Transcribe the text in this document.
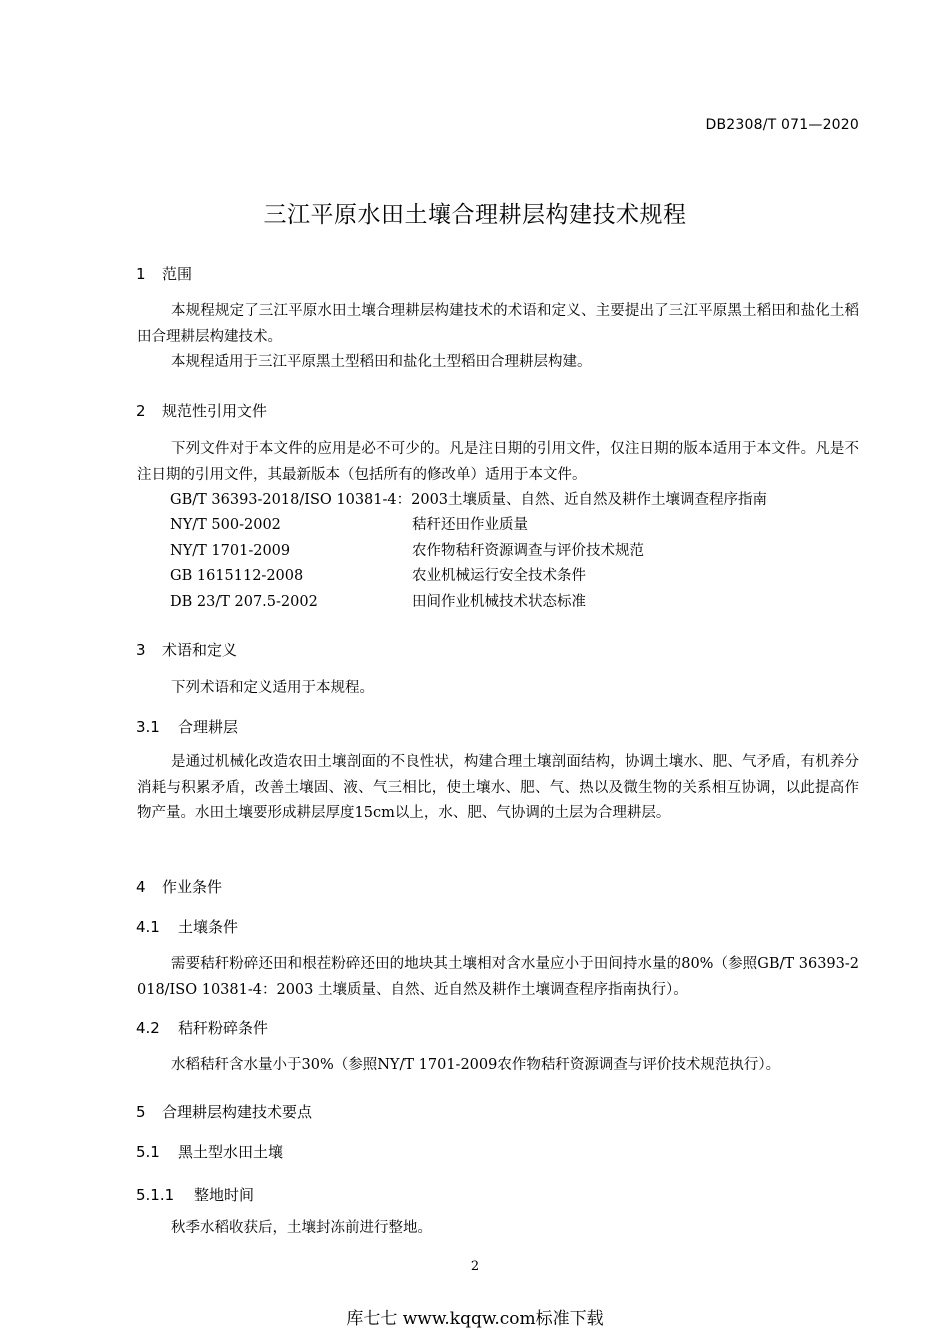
DB2308/T 071—2020
三江平原水田土壤合理耕层构建技术规程
1 范围
本规程规定了三江平原水田土壤合理耕层构建技术的术语和定义、主要提出了三江平原黑土稻田和盐化土稻田合理耕层构建技术。
本规程适用于三江平原黑土型稻田和盐化土型稻田合理耕层构建。
2 规范性引用文件
下列文件对于本文件的应用是必不可少的。凡是注日期的引用文件，仅注日期的版本适用于本文件。凡是不注日期的引用文件，其最新版本（包括所有的修改单）适用于本文件。
GB/T 36393-2018/ISO 10381-4：2003土壤质量、自然、近自然及耕作土壤调查程序指南
NY/T 500-2002	秸秆还田作业质量
NY/T 1701-2009	农作物秸秆资源调查与评价技术规范
GB 1615112-2008	农业机械运行安全技术条件
DB 23/T 207.5-2002	田间作业机械技术状态标准
3 术语和定义
下列术语和定义适用于本规程。
3.1 合理耕层
是通过机械化改造农田土壤剖面的不良性状，构建合理土壤剖面结构，协调土壤水、肥、气矛盾，有机养分消耗与积累矛盾，改善土壤固、液、气三相比，使土壤水、肥、气、热以及微生物的关系相互协调，以此提高作物产量。水田土壤要形成耕层厚度15cm以上，水、肥、气协调的土层为合理耕层。
4 作业条件
4.1 土壤条件
需要秸秆粉碎还田和根茬粉碎还田的地块其土壤相对含水量应小于田间持水量的80%（参照GB/T 36393-2018/ISO 10381-4：2003 土壤质量、自然、近自然及耕作土壤调查程序指南执行）。
4.2 秸秆粉碎条件
水稻秸秆含水量小于30%（参照NY/T 1701-2009农作物秸秆资源调查与评价技术规范执行）。
5 合理耕层构建技术要点
5.1 黑土型水田土壤
5.1.1 整地时间
秋季水稻收获后，土壤封冻前进行整地。
2
库七七 www.kqqw.com标准下载
